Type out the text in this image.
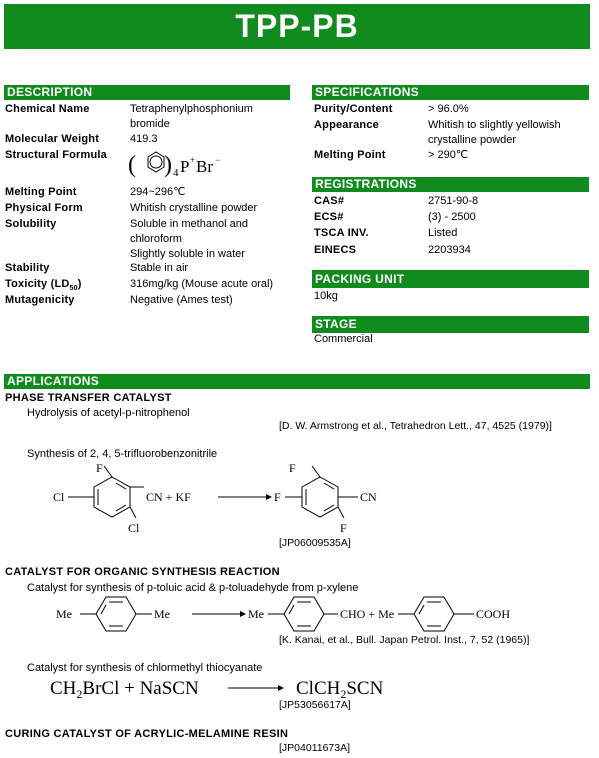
TPP-PB
DESCRIPTION
Chemical Name	Tetraphenylphosphonium
bromide
Molecular Weight	419.3
Structural Formula ( ) 4 P + Br −
Melting Point	294~296℃
Physical Form	Whitish crystalline powder
Solubility	Soluble in methanol and
chloroform
Slightly soluble in water
Stability	Stable in air
Toxicity $(LD_{50})$	316mg/kg (Mouse acute oral)
Mutagenicity	Negative (Ames test)
SPECIFICATIONS
Purity/Content	> 96.0%
Appearance	Whitish to slightly yellowish
crystalline powder
Melting Point	> 290℃
REGISTRATIONS
CAS#	2751-90-8
ECS#	(3) - 2500
TSCA INV.	Listed
EINECS	2203934
PACKING UNIT
10kg
STAGE
Commercial
APPLICATIONS
PHASE TRANSFER CATALYST
Hydrolysis of acetyl-p-nitrophenol
[D. W. Armstrong et al., Tetrahedron Lett., 47, 4525 (1979)]
Synthesis of 2, 4, 5-trifluorobenzonitrile
F
Cl
Cl
CN + KF	F
F
CN
F
[JP06009535A]
CATALYST FOR ORGANIC SYNTHESIS REACTION
Catalyst for synthesis of p-toluic acid & p-toluadehyde from p-xylene
Me	Me	Me	CHO + Me	COOH
[K. Kanai, et al., Bull. Japan Petrol. Inst., 7, 52 (1965)]
Catalyst for synthesis of chlormethyl thiocyanate
$CH_2BrCl$ + NaSCN	ClCH$_2$SCN
[JP53056617A]
CURING CATALYST OF ACRYLIC-MELAMINE RESIN
[JP04011673A]
